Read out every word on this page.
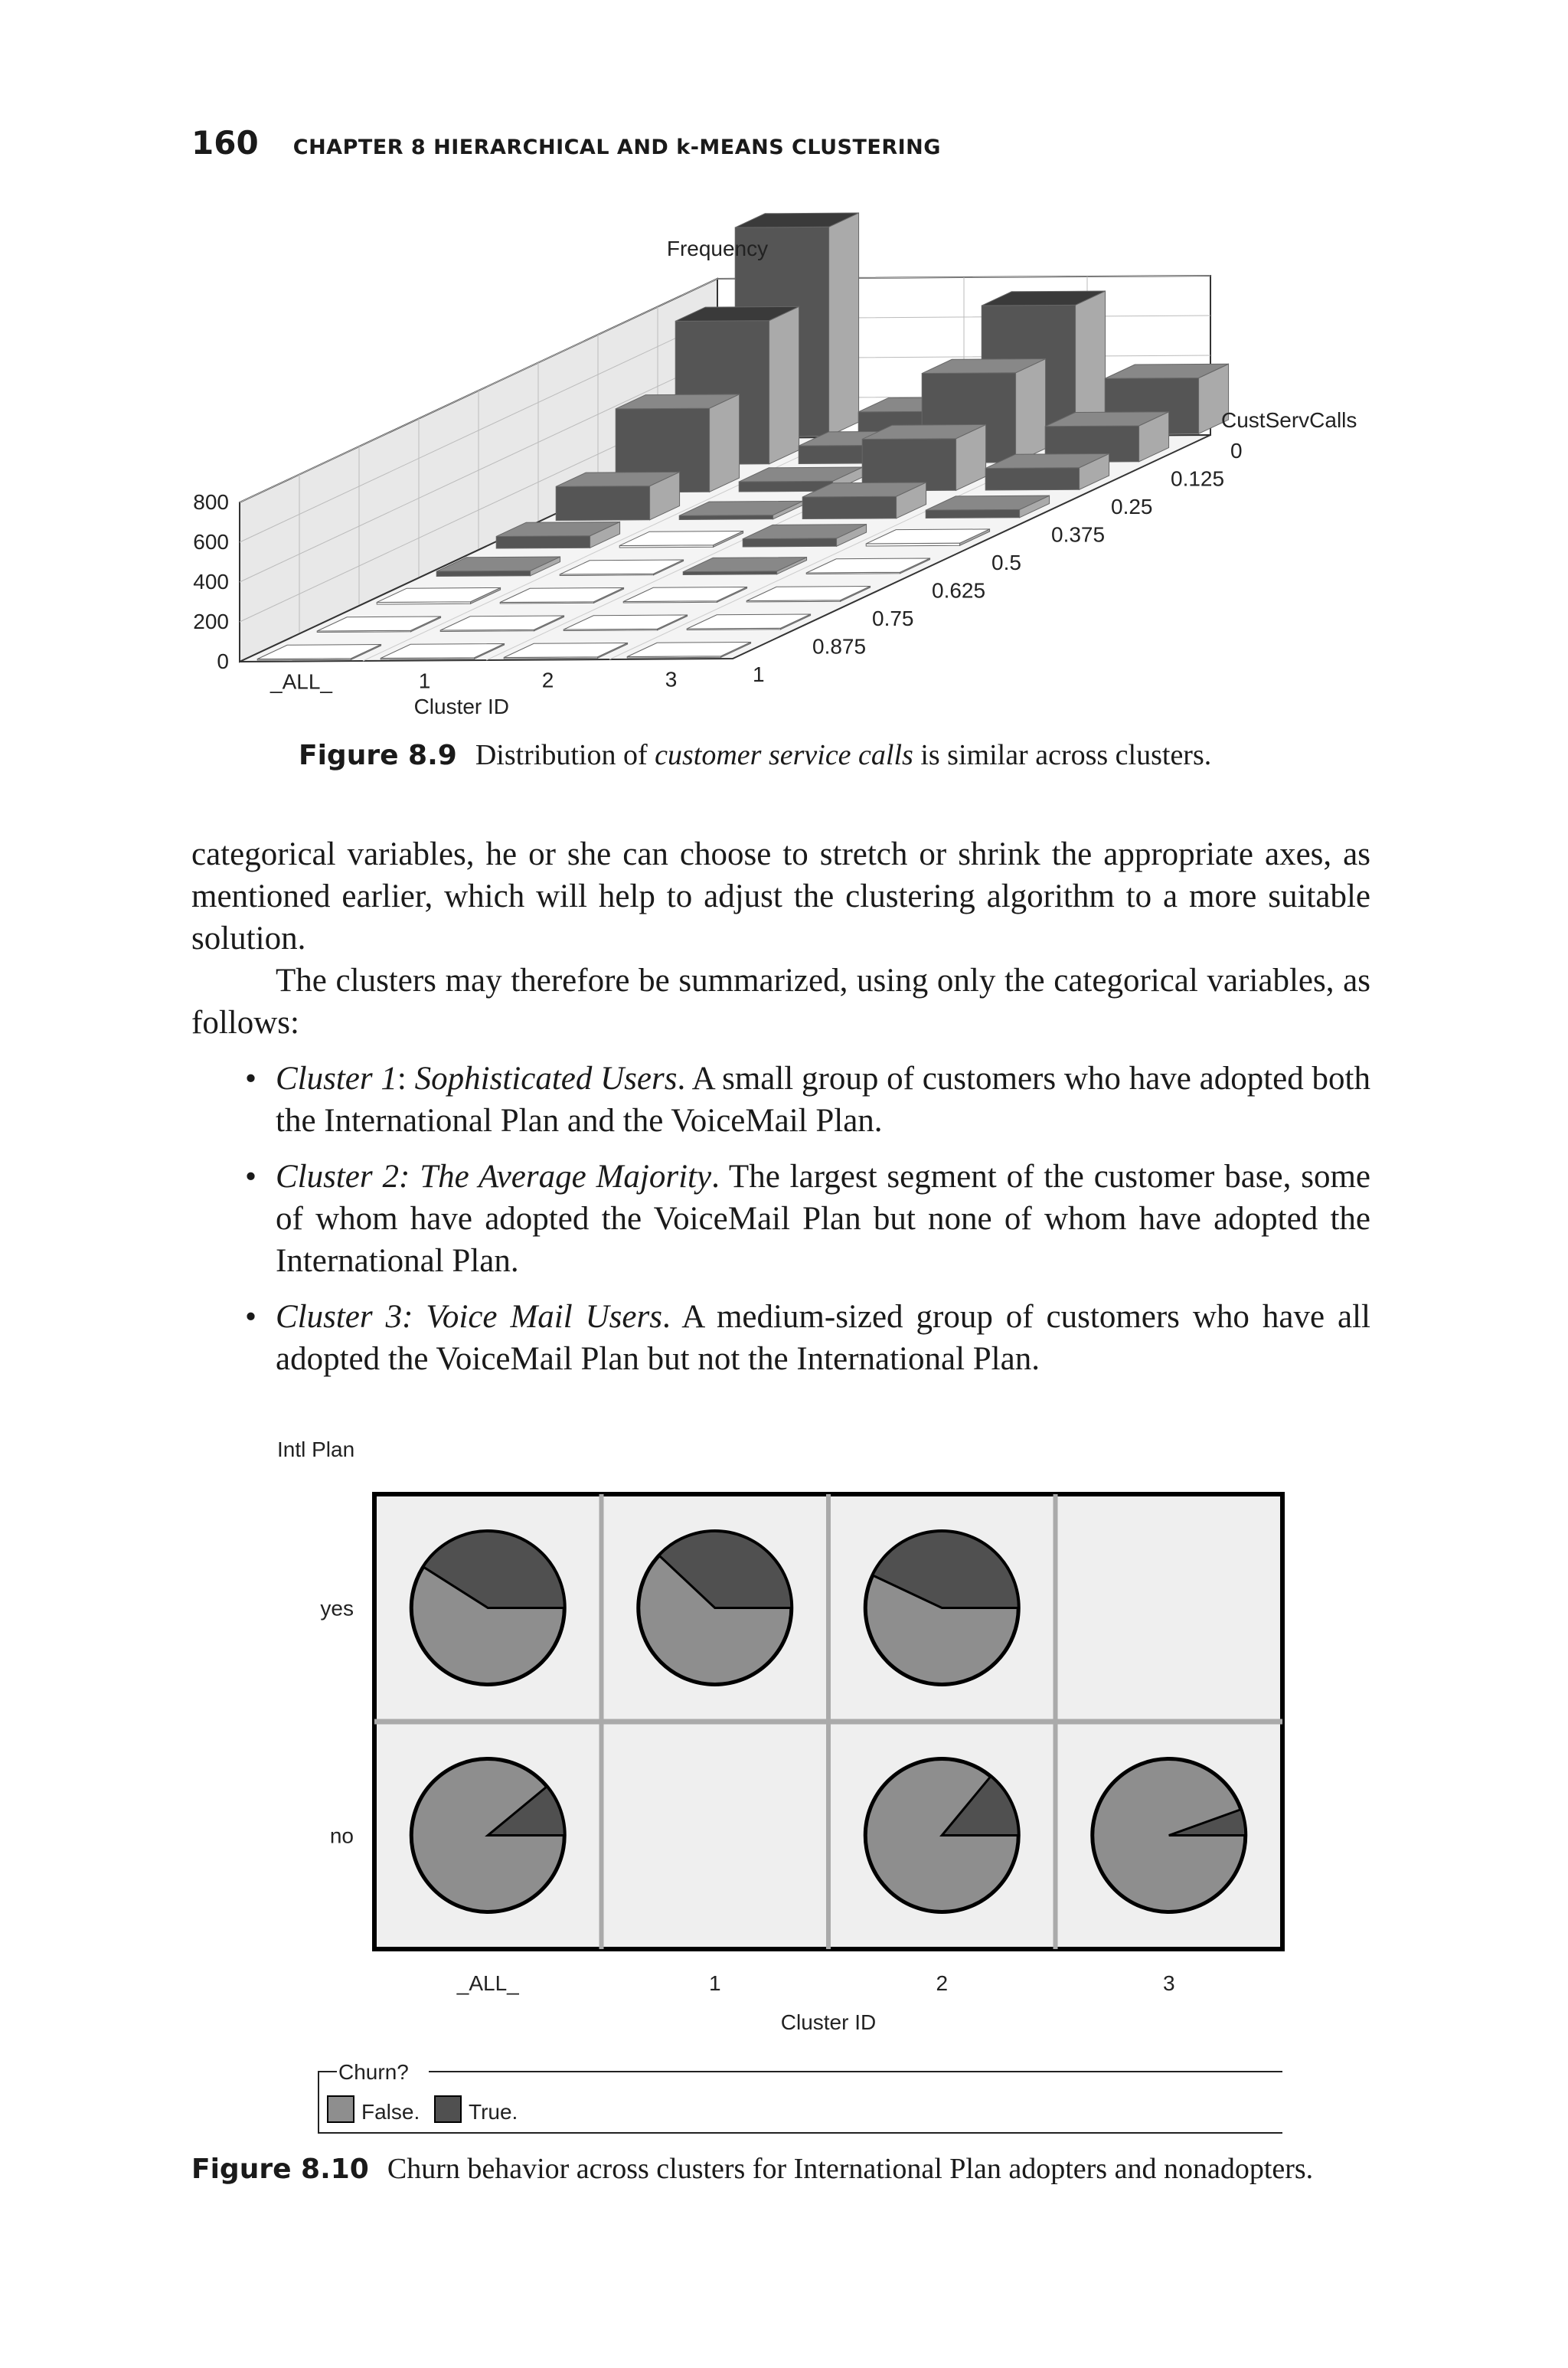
160 CHAPTER 8 HIERARCHICAL AND k-MEANS CLUSTERING
0
200
400
600
800
0
0.125
0.25
0.375
0.5
0.625
0.75
0.875
1
CustServCalls
_ALL_	1	2	3
Cluster ID
Frequency
Figure 8.9 Distribution of customer service calls is similar across clusters.
categorical variables, he or she can choose to stretch or shrink the appropriate axes, as mentioned earlier, which will help to adjust the clustering algorithm to a more suitable solution.
The clusters may therefore be summarized, using only the categorical variables, as follows:
• Cluster 1: Sophisticated Users. A small group of customers who have adopted both the International Plan and the VoiceMail Plan.
• Cluster 2: The Average Majority. The largest segment of the customer base, some of whom have adopted the VoiceMail Plan but none of whom have adopted the International Plan.
• Cluster 3: Voice Mail Users. A medium-sized group of customers who have all adopted the VoiceMail Plan but not the International Plan.
Intl Plan
yes
no
_ALL_	1	2	3
Cluster ID
Churn?
False. True.
Figure 8.10 Churn behavior across clusters for International Plan adopters and nonadopters.
